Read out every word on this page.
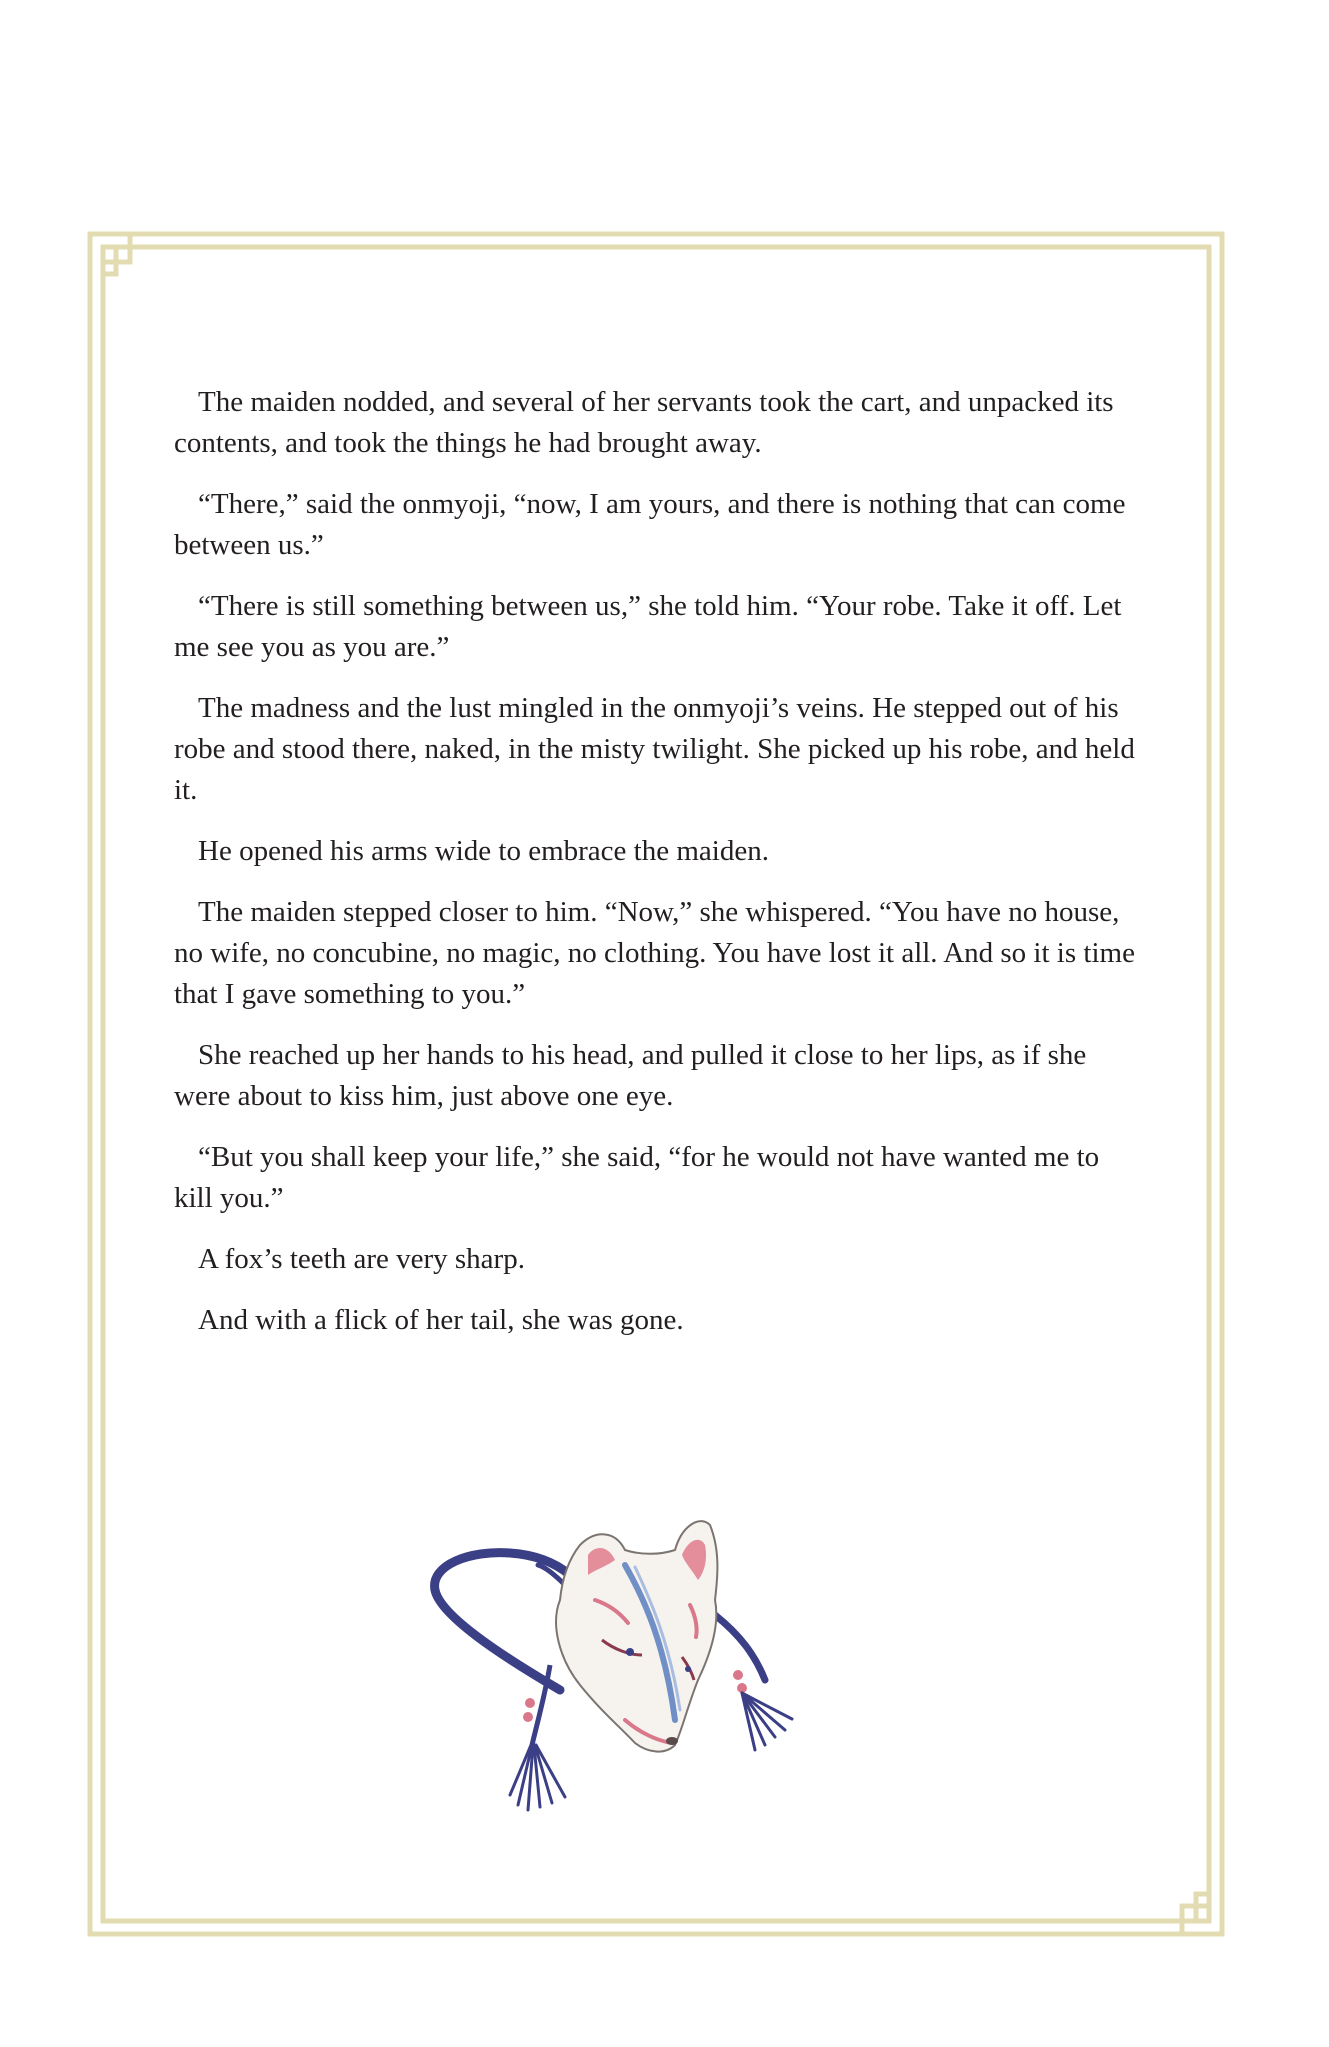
The maiden nodded, and several of her servants took the cart, and unpacked its contents, and took the things he had brought away.

“There,” said the onmyoji, “now, I am yours, and there is nothing that can come between us.”

“There is still something between us,” she told him. “Your robe. Take it off. Let me see you as you are.”

The madness and the lust mingled in the onmyoji’s veins. He stepped out of his robe and stood there, naked, in the misty twilight. She picked up his robe, and held it.

He opened his arms wide to embrace the maiden.

The maiden stepped closer to him. “Now,” she whispered. “You have no house, no wife, no concubine, no magic, no clothing. You have lost it all. And so it is time that I gave something to you.”

She reached up her hands to his head, and pulled it close to her lips, as if she were about to kiss him, just above one eye.

“But you shall keep your life,” she said, “for he would not have wanted me to kill you.”

A fox’s teeth are very sharp.

And with a flick of her tail, she was gone.
